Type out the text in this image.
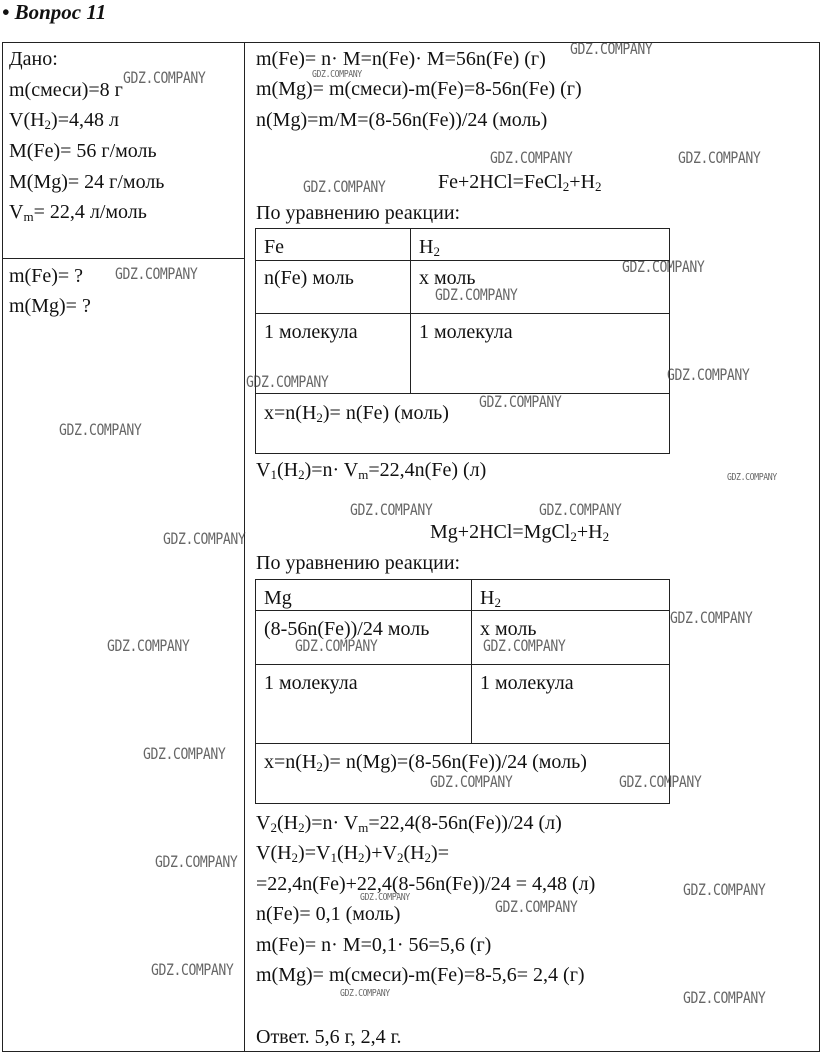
• Вопрос 11
Дано:
m(смеси)=8 г
$V(H_2)=4,48$ л
M(Fe)= 56 г/моль
M(Mg)= 24 г/моль
$V_m= 22,4$ л/моль
m(Fe)= ?
m(Mg)= ?
m(Fe)= n· M=n(Fe)· M=56n(Fe) (г)
m(Mg)= m(смеси)-m(Fe)=8-56n(Fe) (г)
n(Mg)=m/M=(8-56n(Fe))/24 (моль)
$Fe+2HCl=FeCl_2+H_2$
По уравнению реакции:
Fe	$H_2$
n(Fe) моль	х моль
1 молекула	1 молекула
$x=n(H_2)= n(Fe)$ (моль)
$V_1(H_2)=n\cdot V_m=22,4n(Fe)$ (л)
$Mg+2HCl=MgCl_2+H_2$
По уравнению реакции:
Mg	$H_2$
(8-56n(Fe))/24 моль	х моль
1 молекула	1 молекула
$x=n(H_2)= n(Mg)=(8-56n(Fe))/24$ (моль)
$V_2(H_2)=n\cdot V_m=22,4(8-56n(Fe))/24$ (л)
$V(H_2)=V_1(H_2)+V_2(H_2)=$
=22,4n(Fe)+22,4(8-56n(Fe))/24 = 4,48 (л)
n(Fe)= 0,1 (моль)
m(Fe)= n· M=0,1· 56=5,6 (г)
m(Mg)= m(смеси)-m(Fe)=8-5,6= 2,4 (г)
Ответ. 5,6 г, 2,4 г.
GDZ.COMPANY
GDZ.COMPANY	GDZ.COMPANY
GDZ.COMPANY	GDZ.COMPANY
GDZ.COMPANY
GDZ.COMPANY
GDZ.COMPANY
GDZ.COMPANY
GDZ.COMPANY
GDZ.COMPANY
GDZ.COMPANY
GDZ.COMPANY
GDZ.COMPANY
GDZ.COMPANY	GDZ.COMPANY
GDZ.COMPANY
GDZ.COMPANY
GDZ.COMPANY	GDZ.COMPANY	GDZ.COMPANY
GDZ.COMPANY
GDZ.COMPANY	GDZ.COMPANY
GDZ.COMPANY
GDZ.COMPANY
GDZ.COMPANY	GDZ.COMPANY
GDZ.COMPANY
GDZ.COMPANY	GDZ.COMPANY
